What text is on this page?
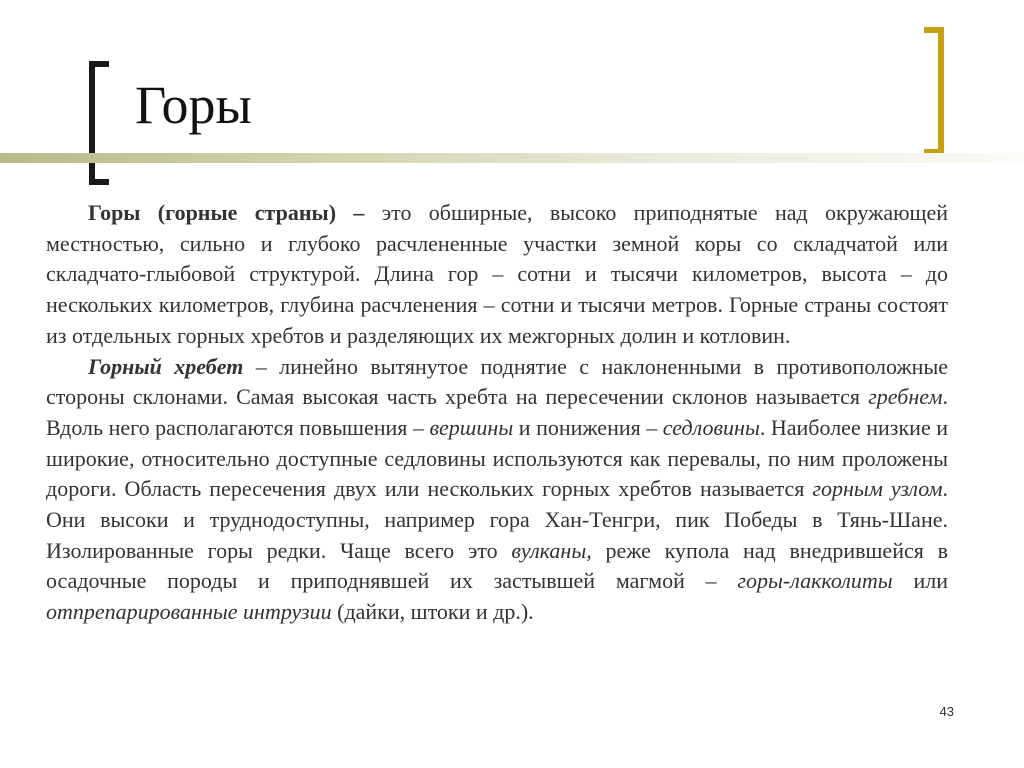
Горы

Горы (горные страны) – это обширные, высоко приподнятые над окружающей местностью, сильно и глубоко расчлененные участки земной коры со складчатой или складчато-глыбовой структурой. Длина гор – сотни и тысячи километров, высота – до нескольких километров, глубина расчленения – сотни и тысячи метров. Горные страны состоят из отдельных горных хребтов и разделяющих их межгорных долин и котловин.

Горный хребет – линейно вытянутое поднятие с наклоненными в противоположные стороны склонами. Самая высокая часть хребта на пересечении склонов называется гребнем. Вдоль него располагаются повышения – вершины и понижения – седловины. Наиболее низкие и широкие, относительно доступные седловины используются как перевалы, по ним проложены дороги. Область пересечения двух или нескольких горных хребтов называется горным узлом. Они высоки и труднодоступны, например гора Хан-Тенгри, пик Победы в Тянь-Шане. Изолированные горы редки. Чаще всего это вулканы, реже купола над внедрившейся в осадочные породы и приподнявшей их застывшей магмой – горы-лакколиты или отпрепарированные интрузии (дайки, штоки и др.).

43
